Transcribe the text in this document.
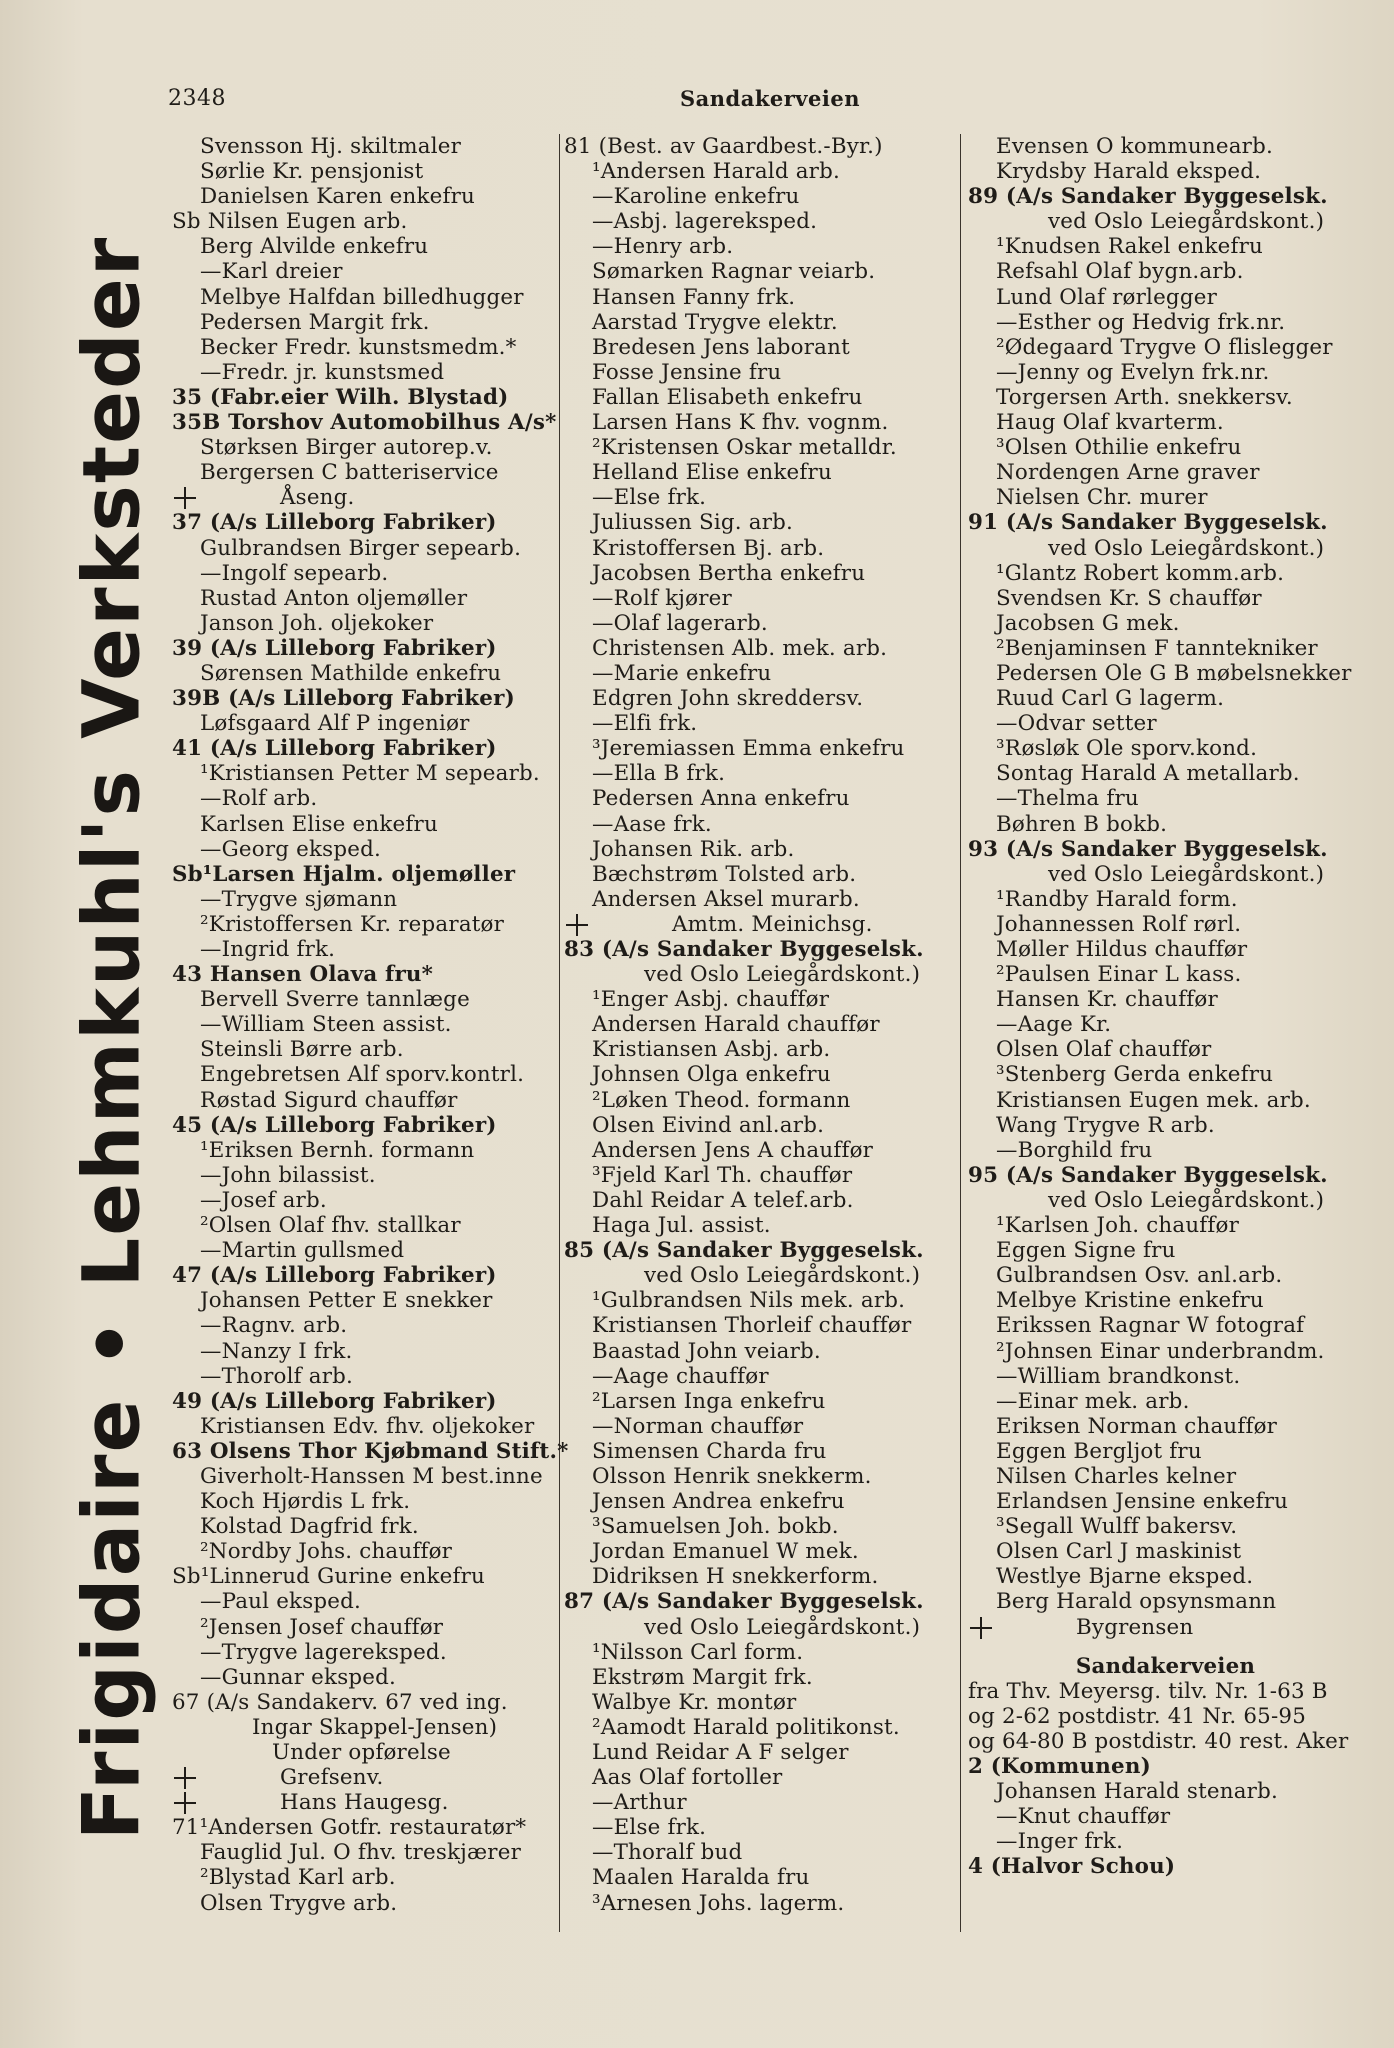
2348	Sandakerveien
Frigidaire • Lehmkuhl's Verksteder
Svensson Hj. skiltmaler
Sørlie Kr. pensjonist
Danielsen Karen enkefru
Sb Nilsen Eugen arb.
Berg Alvilde enkefru
—Karl dreier
Melbye Halfdan billedhugger
Pedersen Margit frk.
Becker Fredr. kunstsmedm.*
—Fredr. jr. kunstsmed
35 (Fabr.eier Wilh. Blystad)
35B Torshov Automobilhus A/s*
Størksen Birger autorep.v.
Bergersen C batteriservice
Åseng.
37 (A/s Lilleborg Fabriker)
Gulbrandsen Birger sepearb.
—Ingolf sepearb.
Rustad Anton oljemøller
Janson Joh. oljekoker
39 (A/s Lilleborg Fabriker)
Sørensen Mathilde enkefru
39B (A/s Lilleborg Fabriker)
Løfsgaard Alf P ingeniør
41 (A/s Lilleborg Fabriker)
¹Kristiansen Petter M sepearb.
—Rolf arb.
Karlsen Elise enkefru
—Georg eksped.
Sb¹Larsen Hjalm. oljemøller
—Trygve sjømann
²Kristoffersen Kr. reparatør
—Ingrid frk.
43 Hansen Olava fru*
Bervell Sverre tannlæge
—William Steen assist.
Steinsli Børre arb.
Engebretsen Alf sporv.kontrl.
Røstad Sigurd chauffør
45 (A/s Lilleborg Fabriker)
¹Eriksen Bernh. formann
—John bilassist.
—Josef arb.
²Olsen Olaf fhv. stallkar
—Martin gullsmed
47 (A/s Lilleborg Fabriker)
Johansen Petter E snekker
—Ragnv. arb.
—Nanzy I frk.
—Thorolf arb.
49 (A/s Lilleborg Fabriker)
Kristiansen Edv. fhv. oljekoker
63 Olsens Thor Kjøbmand Stift.*
Giverholt-Hanssen M best.inne
Koch Hjørdis L frk.
Kolstad Dagfrid frk.
²Nordby Johs. chauffør
Sb¹Linnerud Gurine enkefru
—Paul eksped.
²Jensen Josef chauffør
—Trygve lagereksped.
—Gunnar eksped.
67 (A/s Sandakerv. 67 ved ing.
Ingar Skappel-Jensen)
Under opførelse
Grefsenv.
Hans Haugesg.
71¹Andersen Gotfr. restauratør*
Fauglid Jul. O fhv. treskjærer
²Blystad Karl arb.
Olsen Trygve arb.
81 (Best. av Gaardbest.-Byr.)
¹Andersen Harald arb.
—Karoline enkefru
—Asbj. lagereksped.
—Henry arb.
Sømarken Ragnar veiarb.
Hansen Fanny frk.
Aarstad Trygve elektr.
Bredesen Jens laborant
Fosse Jensine fru
Fallan Elisabeth enkefru
Larsen Hans K fhv. vognm.
²Kristensen Oskar metalldr.
Helland Elise enkefru
—Else frk.
Juliussen Sig. arb.
Kristoffersen Bj. arb.
Jacobsen Bertha enkefru
—Rolf kjører
—Olaf lagerarb.
Christensen Alb. mek. arb.
—Marie enkefru
Edgren John skreddersv.
—Elfi frk.
³Jeremiassen Emma enkefru
—Ella B frk.
Pedersen Anna enkefru
—Aase frk.
Johansen Rik. arb.
Bæchstrøm Tolsted arb.
Andersen Aksel murarb.
Amtm. Meinichsg.
83 (A/s Sandaker Byggeselsk.
ved Oslo Leiegårdskont.)
¹Enger Asbj. chauffør
Andersen Harald chauffør
Kristiansen Asbj. arb.
Johnsen Olga enkefru
²Løken Theod. formann
Olsen Eivind anl.arb.
Andersen Jens A chauffør
³Fjeld Karl Th. chauffør
Dahl Reidar A telef.arb.
Haga Jul. assist.
85 (A/s Sandaker Byggeselsk.
ved Oslo Leiegårdskont.)
¹Gulbrandsen Nils mek. arb.
Kristiansen Thorleif chauffør
Baastad John veiarb.
—Aage chauffør
²Larsen Inga enkefru
—Norman chauffør
Simensen Charda fru
Olsson Henrik snekkerm.
Jensen Andrea enkefru
³Samuelsen Joh. bokb.
Jordan Emanuel W mek.
Didriksen H snekkerform.
87 (A/s Sandaker Byggeselsk.
ved Oslo Leiegårdskont.)
¹Nilsson Carl form.
Ekstrøm Margit frk.
Walbye Kr. montør
²Aamodt Harald politikonst.
Lund Reidar A F selger
Aas Olaf fortoller
—Arthur
—Else frk.
—Thoralf bud
Maalen Haralda fru
³Arnesen Johs. lagerm.
Evensen O kommunearb.
Krydsby Harald eksped.
89 (A/s Sandaker Byggeselsk.
ved Oslo Leiegårdskont.)
¹Knudsen Rakel enkefru
Refsahl Olaf bygn.arb.
Lund Olaf rørlegger
—Esther og Hedvig frk.nr.
²Ødegaard Trygve O flislegger
—Jenny og Evelyn frk.nr.
Torgersen Arth. snekkersv.
Haug Olaf kvarterm.
³Olsen Othilie enkefru
Nordengen Arne graver
Nielsen Chr. murer
91 (A/s Sandaker Byggeselsk.
ved Oslo Leiegårdskont.)
¹Glantz Robert komm.arb.
Svendsen Kr. S chauffør
Jacobsen G mek.
²Benjaminsen F tanntekniker
Pedersen Ole G B møbelsnekker
Ruud Carl G lagerm.
—Odvar setter
³Røsløk Ole sporv.kond.
Sontag Harald A metallarb.
—Thelma fru
Bøhren B bokb.
93 (A/s Sandaker Byggeselsk.
ved Oslo Leiegårdskont.)
¹Randby Harald form.
Johannessen Rolf rørl.
Møller Hildus chauffør
²Paulsen Einar L kass.
Hansen Kr. chauffør
—Aage Kr.
Olsen Olaf chauffør
³Stenberg Gerda enkefru
Kristiansen Eugen mek. arb.
Wang Trygve R arb.
—Borghild fru
95 (A/s Sandaker Byggeselsk.
ved Oslo Leiegårdskont.)
¹Karlsen Joh. chauffør
Eggen Signe fru
Gulbrandsen Osv. anl.arb.
Melbye Kristine enkefru
Erikssen Ragnar W fotograf
²Johnsen Einar underbrandm.
—William brandkonst.
—Einar mek. arb.
Eriksen Norman chauffør
Eggen Bergljot fru
Nilsen Charles kelner
Erlandsen Jensine enkefru
³Segall Wulff bakersv.
Olsen Carl J maskinist
Westlye Bjarne eksped.
Berg Harald opsynsmann
Bygrensen
Sandakerveien
fra Thv. Meyersg. tilv. Nr. 1-63 B
og 2-62 postdistr. 41 Nr. 65-95
og 64-80 B postdistr. 40 rest. Aker
2 (Kommunen)
Johansen Harald stenarb.
—Knut chauffør
—Inger frk.
4 (Halvor Schou)
